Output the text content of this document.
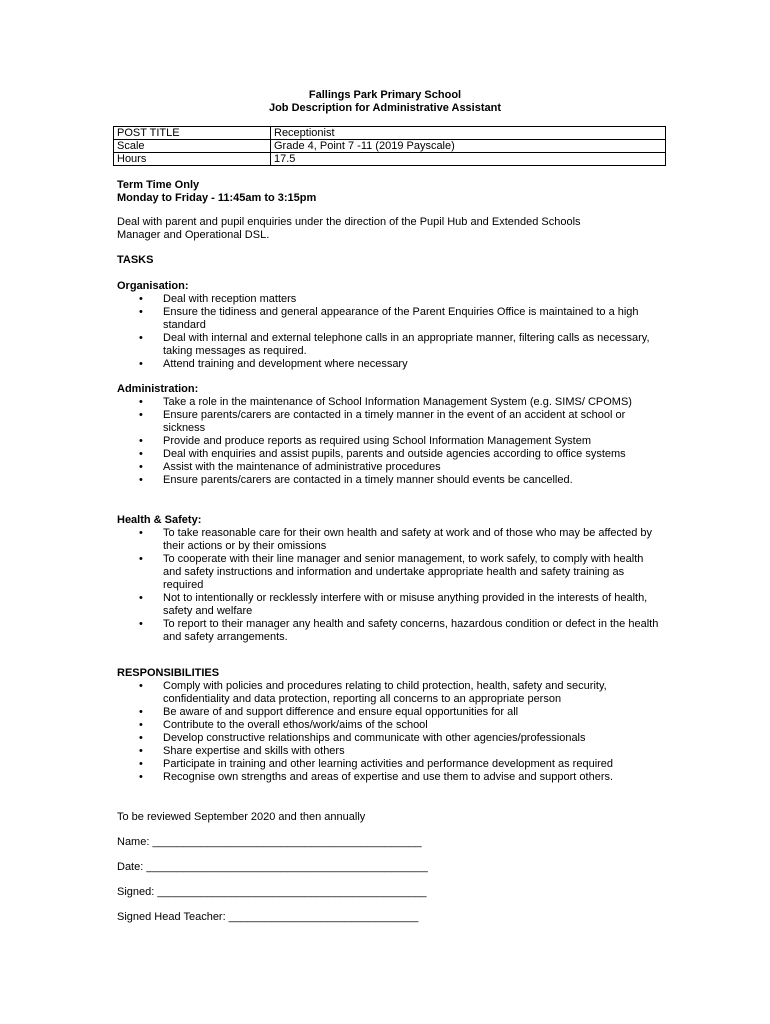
Fallings Park Primary School
Job Description for Administrative Assistant
POST TITLE	Receptionist
Scale	Grade 4, Point 7 -11 (2019 Payscale)
Hours	17.5
Term Time Only
Monday to Friday - 11:45am to 3:15pm
Deal with parent and pupil enquiries under the direction of the Pupil Hub and Extended Schools Manager and Operational DSL.
TASKS
Organisation:
• Deal with reception matters
• Ensure the tidiness and general appearance of the Parent Enquiries Office is maintained to a high standard
• Deal with internal and external telephone calls in an appropriate manner, filtering calls as necessary, taking messages as required.
• Attend training and development where necessary
Administration:
• Take a role in the maintenance of School Information Management System (e.g. SIMS/ CPOMS)
• Ensure parents/carers are contacted in a timely manner in the event of an accident at school or sickness
• Provide and produce reports as required using School Information Management System
• Deal with enquiries and assist pupils, parents and outside agencies according to office systems
• Assist with the maintenance of administrative procedures
• Ensure parents/carers are contacted in a timely manner should events be cancelled.
Health & Safety:
• To take reasonable care for their own health and safety at work and of those who may be affected by their actions or by their omissions
• To cooperate with their line manager and senior management, to work safely, to comply with health and safety instructions and information and undertake appropriate health and safety training as required
• Not to intentionally or recklessly interfere with or misuse anything provided in the interests of health, safety and welfare
• To report to their manager any health and safety concerns, hazardous condition or defect in the health and safety arrangements.
RESPONSIBILITIES
• Comply with policies and procedures relating to child protection, health, safety and security, confidentiality and data protection, reporting all concerns to an appropriate person
• Be aware of and support difference and ensure equal opportunities for all
• Contribute to the overall ethos/work/aims of the school
• Develop constructive relationships and communicate with other agencies/professionals
• Share expertise and skills with others
• Participate in training and other learning activities and performance development as required
• Recognise own strengths and areas of expertise and use them to advise and support others.
To be reviewed September 2020 and then annually
Name: ____________________________________________
Date: ______________________________________________
Signed: ____________________________________________
Signed Head Teacher: _______________________________
